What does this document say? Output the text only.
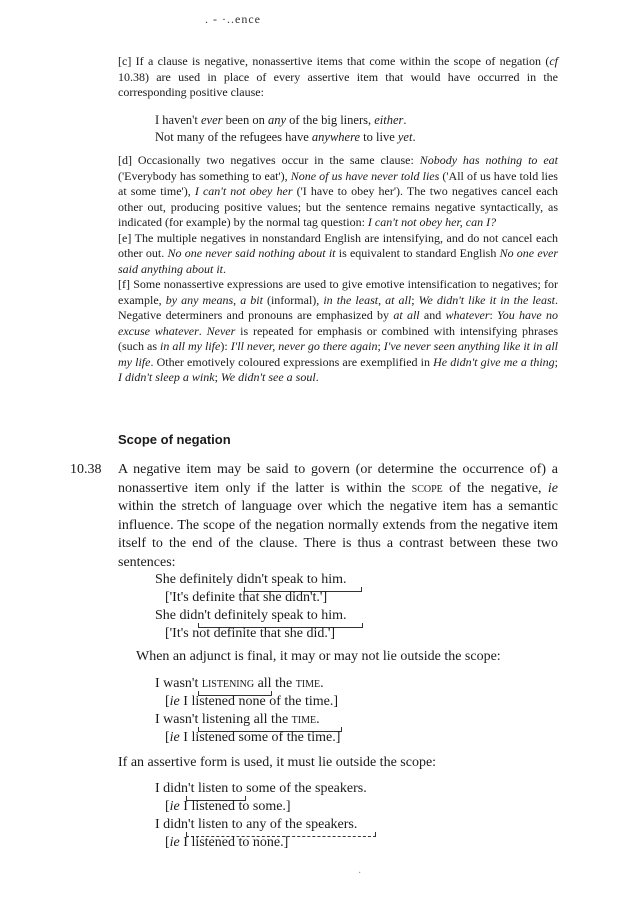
. - ·..ence
[c] If a clause is negative, nonassertive items that come within the scope of negation (cf 10.38) are used in place of every assertive item that would have occurred in the corresponding positive clause:
I haven't ever been on any of the big liners, either.
Not many of the refugees have anywhere to live yet.
[d] Occasionally two negatives occur in the same clause: Nobody has nothing to eat ('Everybody has something to eat'), None of us have never told lies ('All of us have told lies at some time'), I can't not obey her ('I have to obey her'). The two negatives cancel each other out, producing positive values; but the sentence remains negative syntactically, as indicated (for example) by the normal tag question: I can't not obey her, can I?
[e] The multiple negatives in nonstandard English are intensifying, and do not cancel each other out. No one never said nothing about it is equivalent to standard English No one ever said anything about it.
[f] Some nonassertive expressions are used to give emotive intensification to negatives; for example, by any means, a bit (informal), in the least, at all; We didn't like it in the least. Negative determiners and pronouns are emphasized by at all and whatever: You have no excuse whatever. Never is repeated for emphasis or combined with intensifying phrases (such as in all my life): I'll never, never go there again; I've never seen anything like it in all my life. Other emotively coloured expressions are exemplified in He didn't give me a thing; I didn't sleep a wink; We didn't see a soul.
Scope of negation
10.38 A negative item may be said to govern (or determine the occurrence of) a nonassertive item only if the latter is within the scope of the negative, ie within the stretch of language over which the negative item has a semantic influence. The scope of the negation normally extends from the negative item itself to the end of the clause. There is thus a contrast between these two sentences:
She definitely didn't speak to him.
['It's definite that she didn't.']
She didn't definitely speak to him.
['It's not definite that she did.']
When an adjunct is final, it may or may not lie outside the scope:
I wasn't listening all the time.
[ie I listened none of the time.]
I wasn't listening all the time.
[ie I listened some of the time.]
If an assertive form is used, it must lie outside the scope:
I didn't listen to some of the speakers.
[ie I listened to some.]
I didn't listen to any of the speakers.
[ie I listened to none.]
·
